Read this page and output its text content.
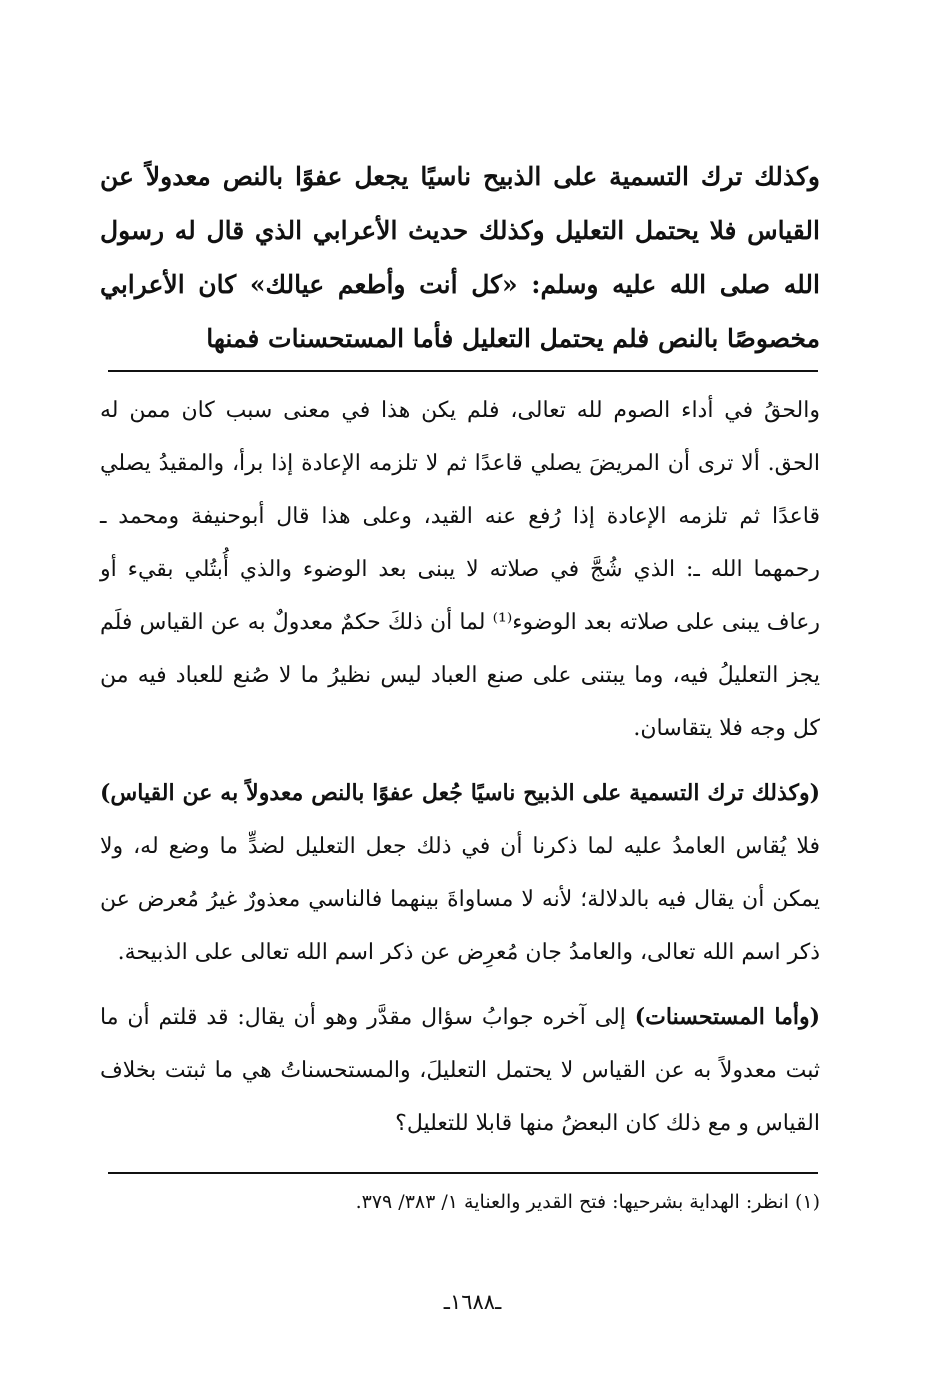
وكذلك ترك التسمية على الذبيح ناسيًا يجعل عفوًا بالنص معدولاً عن القياس فلا يحتمل التعليل وكذلك حديث الأعرابي الذي قال له رسول الله صلى الله عليه وسلم: «كل أنت وأطعم عيالك» كان الأعرابي مخصوصًا بالنص فلم يحتمل التعليل فأما المستحسنات فمنها

والحقُ في أداء الصوم لله تعالى، فلم يكن هذا في معنى سبب كان ممن له الحق. ألا ترى أن المريضَ يصلي قاعدًا ثم لا تلزمه الإعادة إذا برأ، والمقيدُ يصلي قاعدًا ثم تلزمه الإعادة إذا رُفع عنه القيد، وعلى هذا قال أبوحنيفة ومحمد ـ رحمهما الله ـ: الذي شُجَّ في صلاته لا يبنى بعد الوضوء والذي أُبتُلي بقيء أو رعاف يبنى على صلاته بعد الوضوء⁽¹⁾ لما أن ذلكَ حكمٌ معدولٌ به عن القياس فلَم يجز التعليلُ فيه، وما يبتنى على صنع العباد ليس نظيرُ ما لا صُنع للعباد فيه من كل وجه فلا يتقاسان.

(وكذلك ترك التسمية على الذبيح ناسيًا جُعل عفوًا بالنص معدولاً به عن القياس) فلا يُقاس العامدُ عليه لما ذكرنا أن في ذلك جعل التعليل لضدٍّ ما وضع له، ولا يمكن أن يقال فيه بالدلالة؛ لأنه لا مساواةَ بينهما فالناسي معذورٌ غيرُ مُعرض عن ذكر اسم الله تعالى، والعامدُ جان مُعرِض عن ذكر اسم الله تعالى على الذبيحة.

(وأما المستحسنات) إلى آخره جوابُ سؤال مقدَّر وهو أن يقال: قد قلتم أن ما ثبت معدولاً به عن القياس لا يحتمل التعليلَ، والمستحسناتُ هي ما ثبتت بخلاف القياس و مع ذلك كان البعضُ منها قابلا للتعليل؟

(١) انظر: الهداية بشرحيها: فتح القدير والعناية ١/ ٣٨٣/ ٣٧٩.
ـ١٦٨٨ـ
